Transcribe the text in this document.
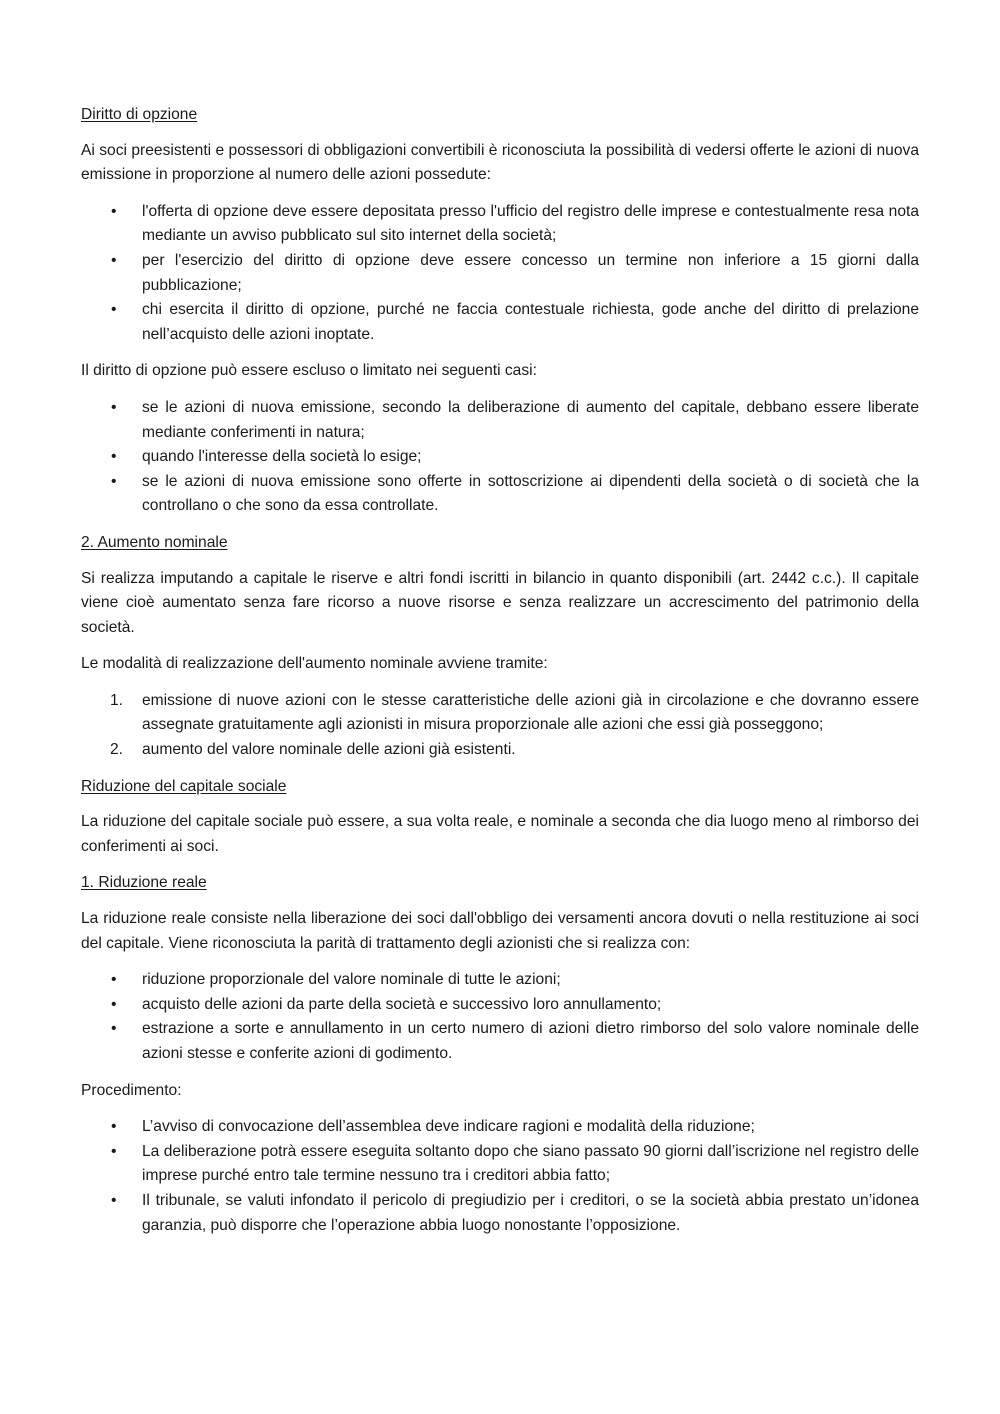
Diritto di opzione

Ai soci preesistenti e possessori di obbligazioni convertibili è riconosciuta la possibilità di vedersi offerte le azioni di nuova emissione in proporzione al numero delle azioni possedute:

• l'offerta di opzione deve essere depositata presso l'ufficio del registro delle imprese e contestualmente resa nota mediante un avviso pubblicato sul sito internet della società;
• per l'esercizio del diritto di opzione deve essere concesso un termine non inferiore a 15 giorni dalla pubblicazione;
• chi esercita il diritto di opzione, purché ne faccia contestuale richiesta, gode anche del diritto di prelazione nell’acquisto delle azioni inoptate.

Il diritto di opzione può essere escluso o limitato nei seguenti casi:

• se le azioni di nuova emissione, secondo la deliberazione di aumento del capitale, debbano essere liberate mediante conferimenti in natura;
• quando l'interesse della società lo esige;
• se le azioni di nuova emissione sono offerte in sottoscrizione ai dipendenti della società o di società che la controllano o che sono da essa controllate.

2. Aumento nominale

Si realizza imputando a capitale le riserve e altri fondi iscritti in bilancio in quanto disponibili (art. 2442 c.c.). Il capitale viene cioè aumentato senza fare ricorso a nuove risorse e senza realizzare un accrescimento del patrimonio della società.

Le modalità di realizzazione dell'aumento nominale avviene tramite:

1. emissione di nuove azioni con le stesse caratteristiche delle azioni già in circolazione e che dovranno essere assegnate gratuitamente agli azionisti in misura proporzionale alle azioni che essi già posseggono;
2. aumento del valore nominale delle azioni già esistenti.

Riduzione del capitale sociale

La riduzione del capitale sociale può essere, a sua volta reale, e nominale a seconda che dia luogo meno al rimborso dei conferimenti ai soci.

1. Riduzione reale

La riduzione reale consiste nella liberazione dei soci dall'obbligo dei versamenti ancora dovuti o nella restituzione ai soci del capitale. Viene riconosciuta la parità di trattamento degli azionisti che si realizza con:

• riduzione proporzionale del valore nominale di tutte le azioni;
• acquisto delle azioni da parte della società e successivo loro annullamento;
• estrazione a sorte e annullamento in un certo numero di azioni dietro rimborso del solo valore nominale delle azioni stesse e conferite azioni di godimento.

Procedimento:

• L’avviso di convocazione dell’assemblea deve indicare ragioni e modalità della riduzione;
• La deliberazione potrà essere eseguita soltanto dopo che siano passato 90 giorni dall’iscrizione nel registro delle imprese purché entro tale termine nessuno tra i creditori abbia fatto;
• Il tribunale, se valuti infondato il pericolo di pregiudizio per i creditori, o se la società abbia prestato un’idonea garanzia, può disporre che l’operazione abbia luogo nonostante l’opposizione.
